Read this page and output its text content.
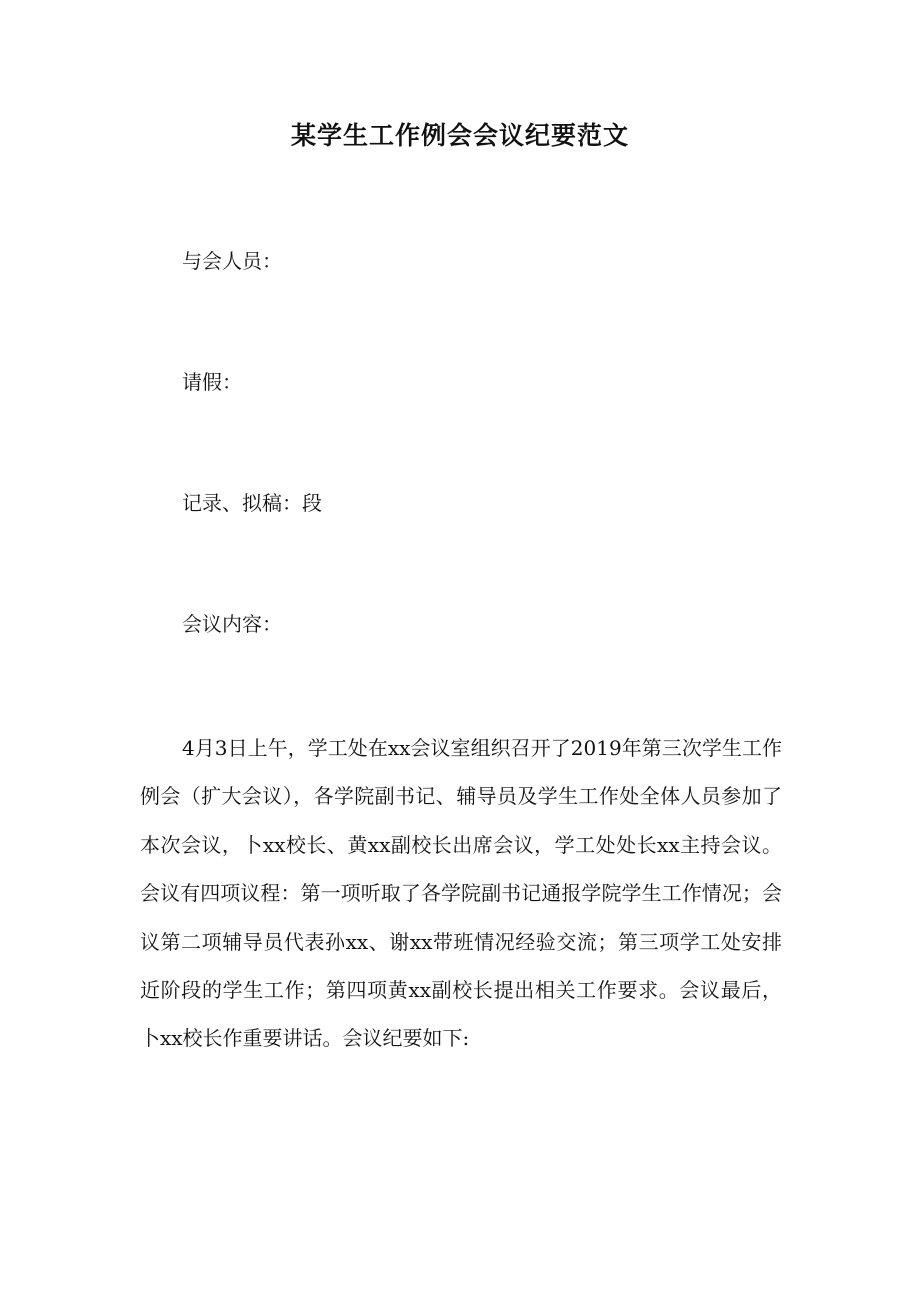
某学生工作例会会议纪要范文

与会人员：

请假：

记录、拟稿：段

会议内容：

4月3日上午，学工处在xx会议室组织召开了2019年第三次学生工作例会（扩大会议），各学院副书记、辅导员及学生工作处全体人员参加了本次会议，卜xx校长、黄xx副校长出席会议，学工处处长xx主持会议。会议有四项议程：第一项听取了各学院副书记通报学院学生工作情况；会议第二项辅导员代表孙xx、谢xx带班情况经验交流；第三项学工处安排近阶段的学生工作；第四项黄xx副校长提出相关工作要求。会议最后，卜xx校长作重要讲话。会议纪要如下:
